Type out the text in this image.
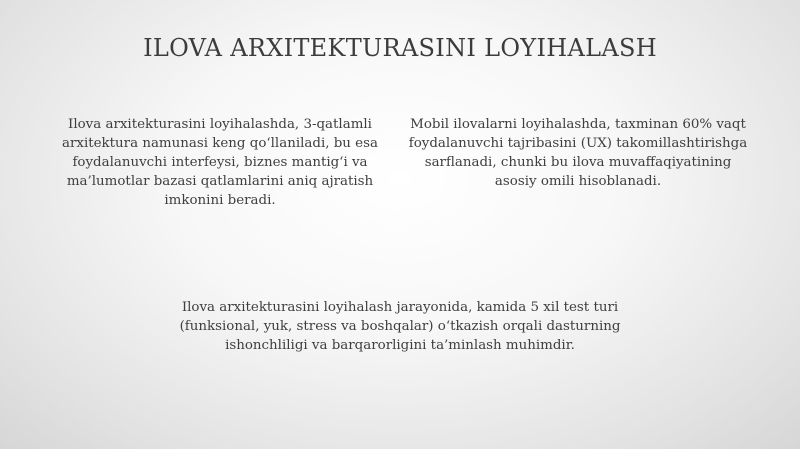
ILOVA ARXITEKTURASINI LOYIHALASH

Ilova arxitekturasini loyihalashda, 3-qatlamli arxitektura namunasi keng qo‘llaniladi, bu esa foydalanuvchi interfeysi, biznes mantig‘i va ma’lumotlar bazasi qatlamlarini aniq ajratish imkonini beradi.

Mobil ilovalarni loyihalashda, taxminan 60% vaqt foydalanuvchi tajribasini (UX) takomillashtirishga sarflanadi, chunki bu ilova muvaffaqiyatining asosiy omili hisoblanadi.

Ilova arxitekturasini loyihalash jarayonida, kamida 5 xil test turi (funksional, yuk, stress va boshqalar) o‘tkazish orqali dasturning ishonchliligi va barqarorligini ta’minlash muhimdir.
